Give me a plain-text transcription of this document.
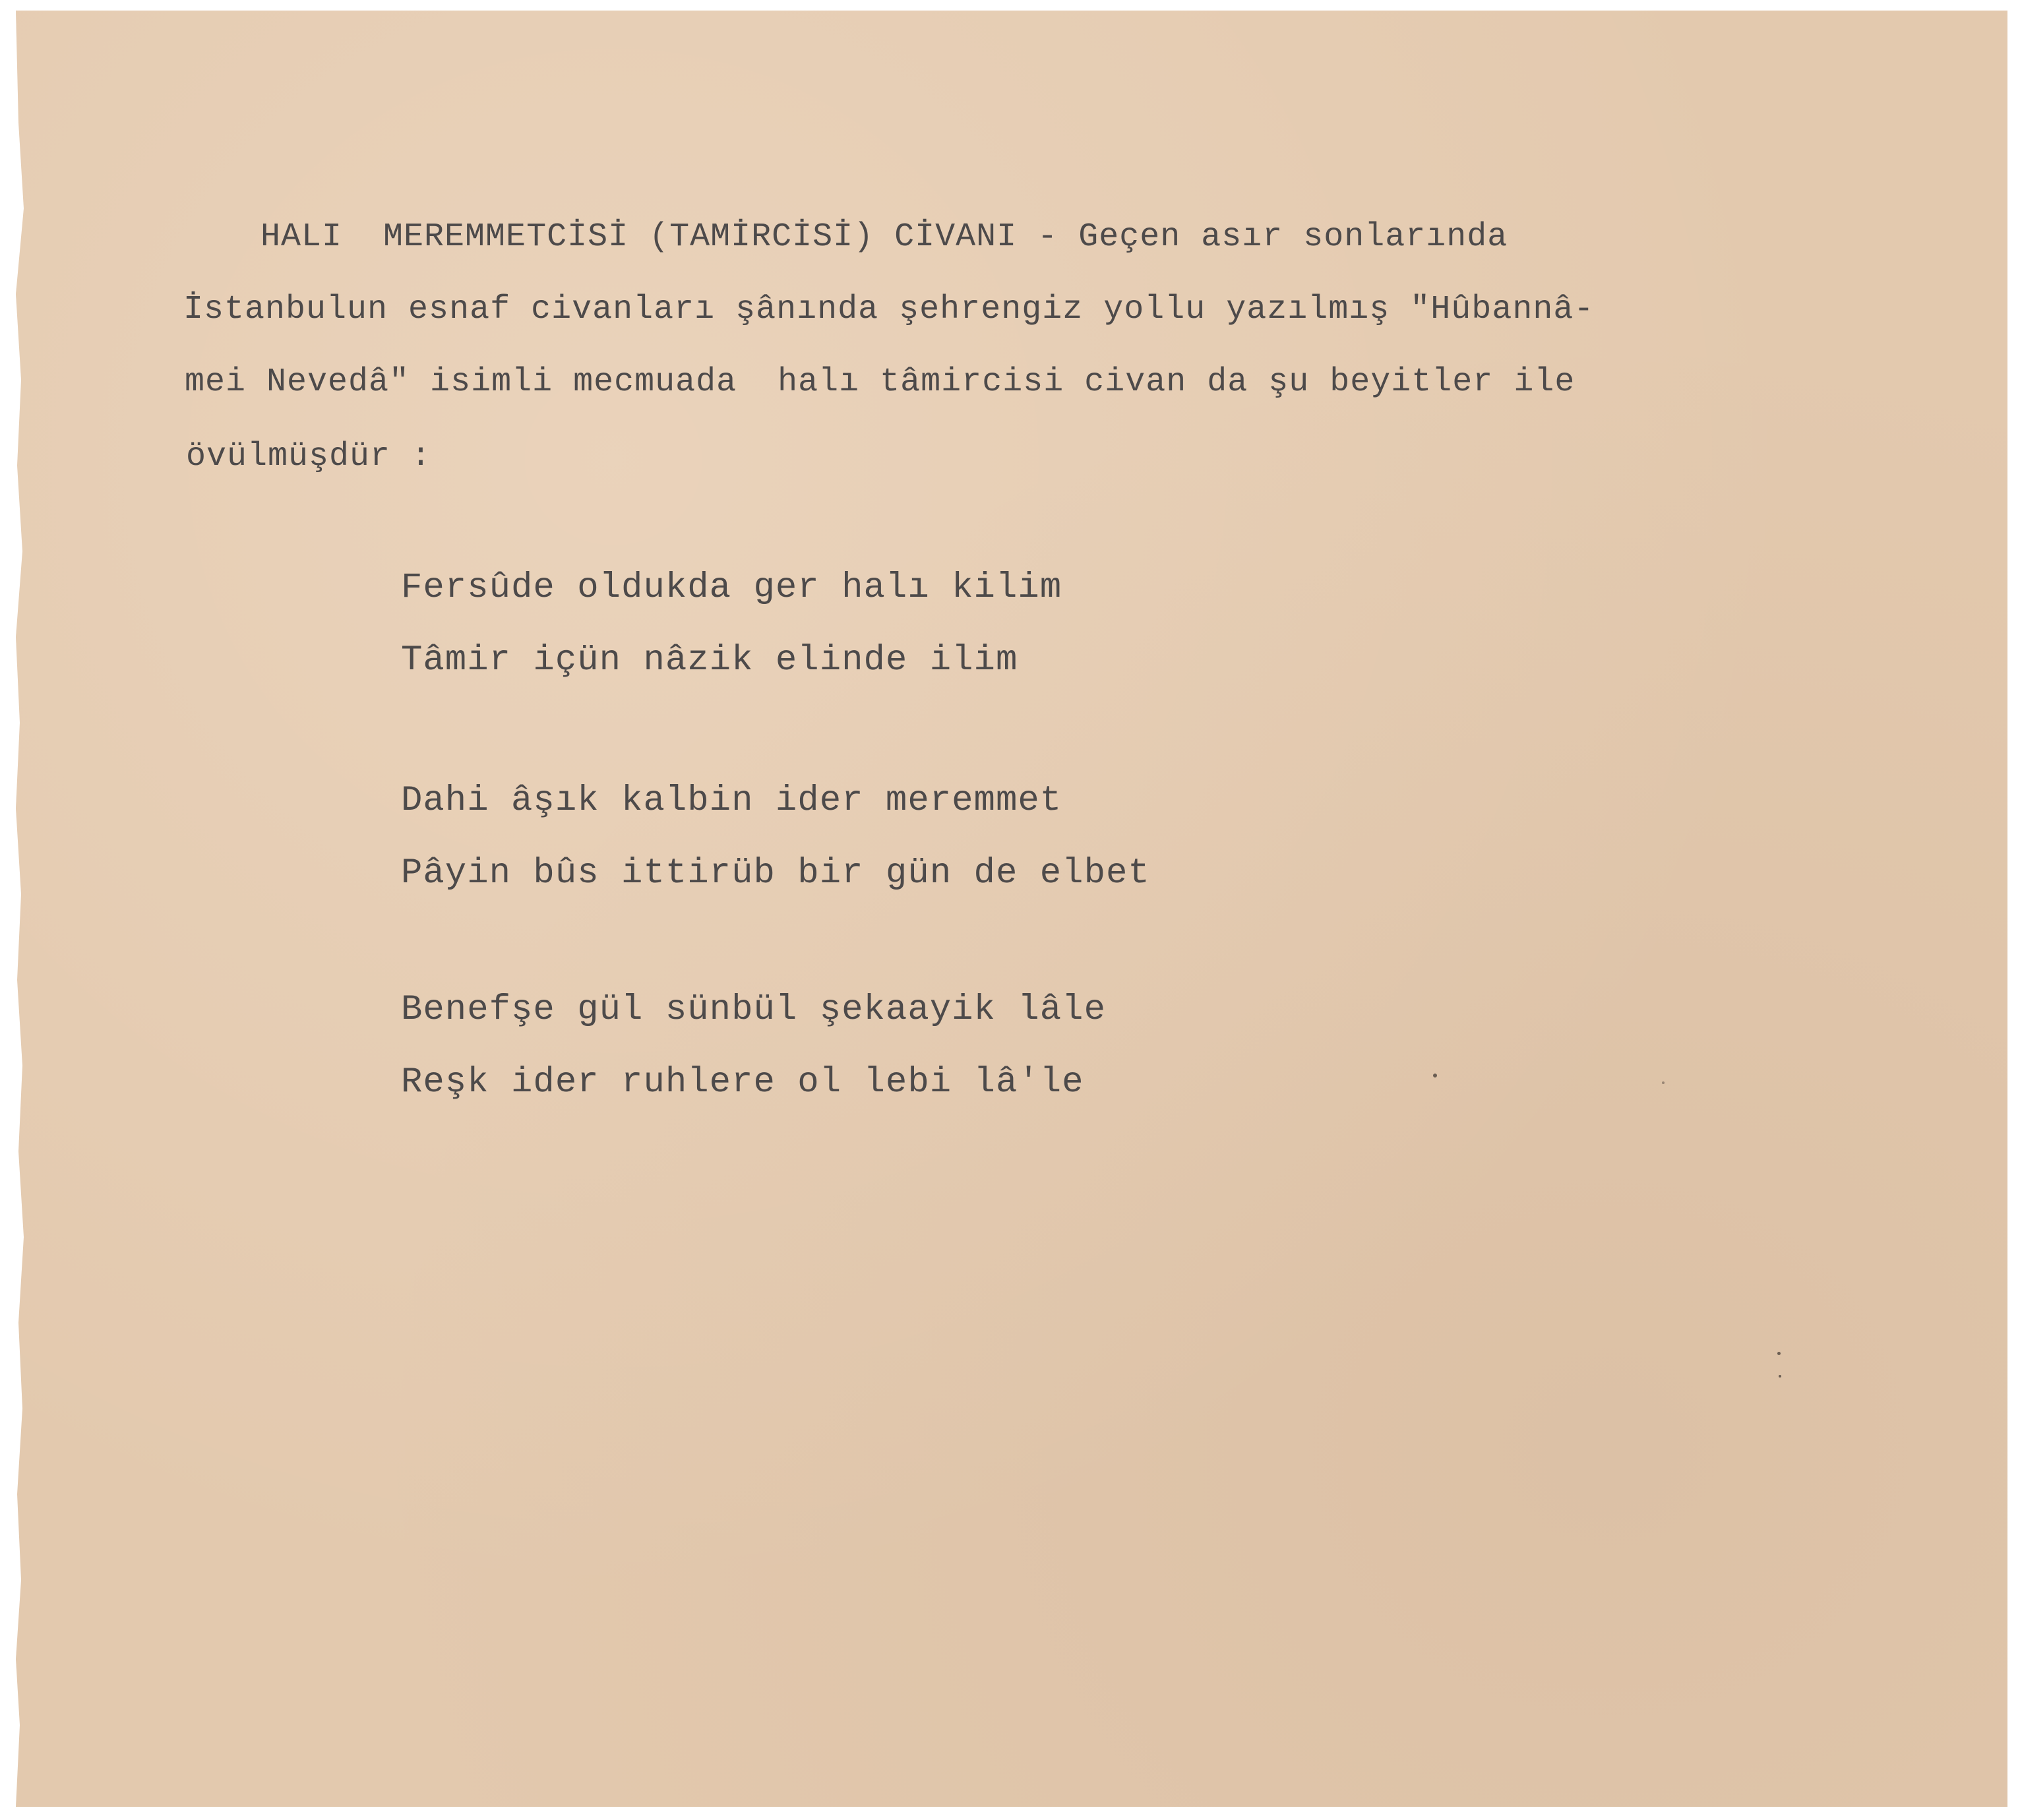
HALI  MEREMMETCİSİ (TAMİRCİSİ) CİVANI - Geçen asır sonlarında
İstanbulun esnaf civanları şânında şehrengiz yollu yazılmış "Hûbannâ-
mei Nevedâ" isimli mecmuada  halı tâmircisi civan da şu beyitler ile
övülmüşdür :
Fersûde oldukda ger halı kilim
Tâmir içün nâzik elinde ilim
Dahi âşık kalbin ider meremmet
Pâyin bûs ittirüb bir gün de elbet
Benefşe gül sünbül şekaayik lâle
Reşk ider ruhlere ol lebi lâ'le
